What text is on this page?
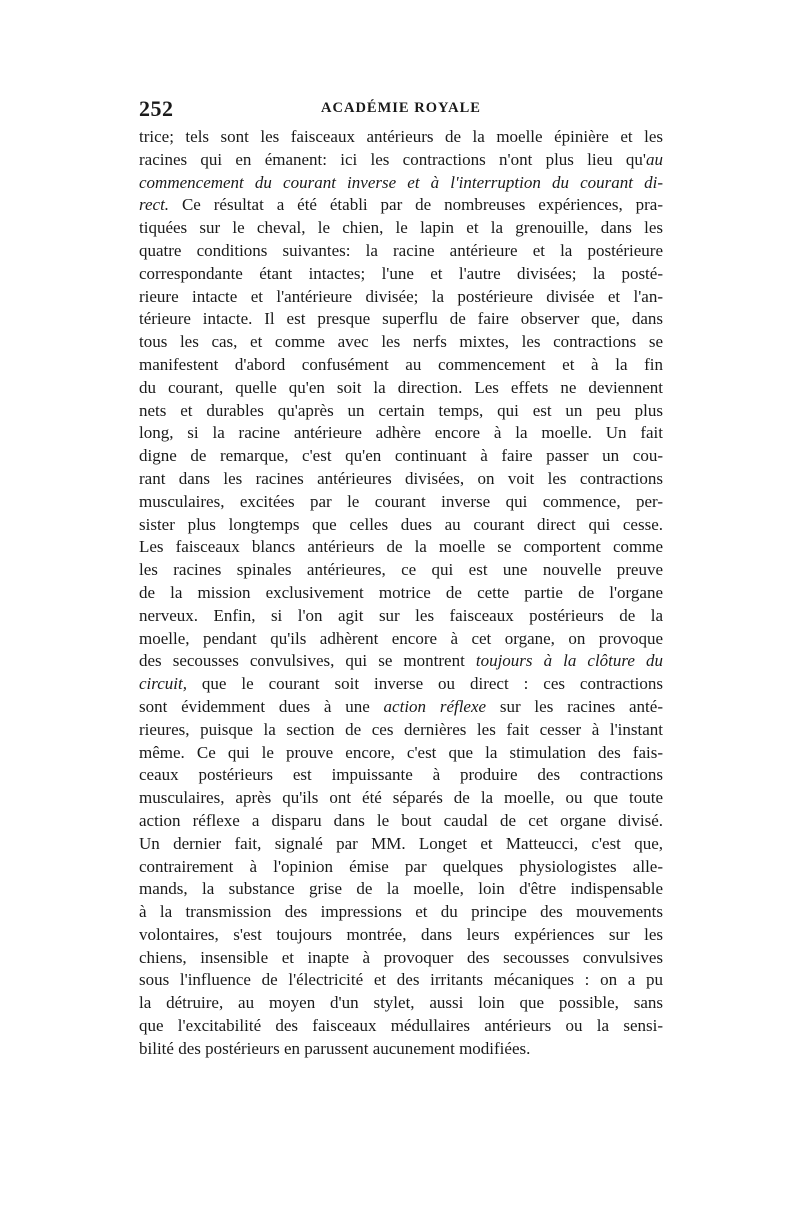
252	ACADÉMIE ROYALE
trice; tels sont les faisceaux antérieurs de la moelle épinière et les
racines qui en émanent: ici les contractions n'ont plus lieu qu'au
commencement du courant inverse et à l'interruption du courant di-
rect. Ce résultat a été établi par de nombreuses expériences, pra-
tiquées sur le cheval, le chien, le lapin et la grenouille, dans les
quatre conditions suivantes: la racine antérieure et la postérieure
correspondante étant intactes; l'une et l'autre divisées; la posté-
rieure intacte et l'antérieure divisée; la postérieure divisée et l'an-
térieure intacte. Il est presque superflu de faire observer que, dans
tous les cas, et comme avec les nerfs mixtes, les contractions se
manifestent d'abord confusément au commencement et à la fin
du courant, quelle qu'en soit la direction. Les effets ne deviennent
nets et durables qu'après un certain temps, qui est un peu plus
long, si la racine antérieure adhère encore à la moelle. Un fait
digne de remarque, c'est qu'en continuant à faire passer un cou-
rant dans les racines antérieures divisées, on voit les contractions
musculaires, excitées par le courant inverse qui commence, per-
sister plus longtemps que celles dues au courant direct qui cesse.
Les faisceaux blancs antérieurs de la moelle se comportent comme
les racines spinales antérieures, ce qui est une nouvelle preuve
de la mission exclusivement motrice de cette partie de l'organe
nerveux. Enfin, si l'on agit sur les faisceaux postérieurs de la
moelle, pendant qu'ils adhèrent encore à cet organe, on provoque
des secousses convulsives, qui se montrent toujours à la clôture du
circuit, que le courant soit inverse ou direct : ces contractions
sont évidemment dues à une action réflexe sur les racines anté-
rieures, puisque la section de ces dernières les fait cesser à l'instant
même. Ce qui le prouve encore, c'est que la stimulation des fais-
ceaux postérieurs est impuissante à produire des contractions
musculaires, après qu'ils ont été séparés de la moelle, ou que toute
action réflexe a disparu dans le bout caudal de cet organe divisé.
Un dernier fait, signalé par MM. Longet et Matteucci, c'est que,
contrairement à l'opinion émise par quelques physiologistes alle-
mands, la substance grise de la moelle, loin d'être indispensable
à la transmission des impressions et du principe des mouvements
volontaires, s'est toujours montrée, dans leurs expériences sur les
chiens, insensible et inapte à provoquer des secousses convulsives
sous l'influence de l'électricité et des irritants mécaniques : on a pu
la détruire, au moyen d'un stylet, aussi loin que possible, sans
que l'excitabilité des faisceaux médullaires antérieurs ou la sensi-
bilité des postérieurs en parussent aucunement modifiées.
